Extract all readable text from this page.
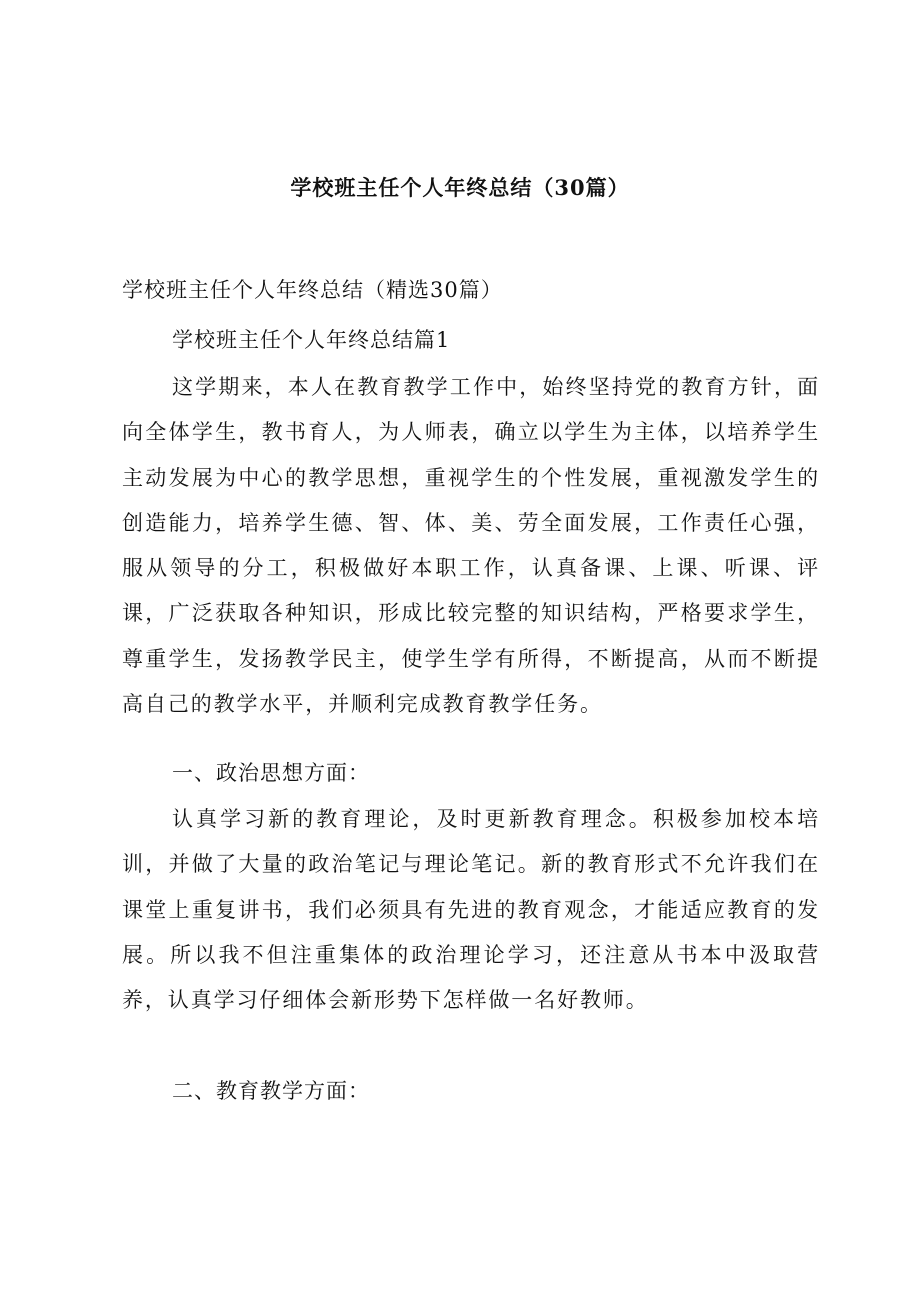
学校班主任个人年终总结（30篇）

学校班主任个人年终总结（精选30篇）

学校班主任个人年终总结篇1

这学期来，本人在教育教学工作中，始终坚持党的教育方针，面向全体学生，教书育人，为人师表，确立以学生为主体，以培养学生主动发展为中心的教学思想，重视学生的个性发展，重视激发学生的创造能力，培养学生德、智、体、美、劳全面发展，工作责任心强，服从领导的分工，积极做好本职工作，认真备课、上课、听课、评课，广泛获取各种知识，形成比较完整的知识结构，严格要求学生，尊重学生，发扬教学民主，使学生学有所得，不断提高，从而不断提高自己的教学水平，并顺利完成教育教学任务。

一、政治思想方面：

认真学习新的教育理论，及时更新教育理念。积极参加校本培训，并做了大量的政治笔记与理论笔记。新的教育形式不允许我们在课堂上重复讲书，我们必须具有先进的教育观念，才能适应教育的发展。所以我不但注重集体的政治理论学习，还注意从书本中汲取营养，认真学习仔细体会新形势下怎样做一名好教师。

二、教育教学方面：
